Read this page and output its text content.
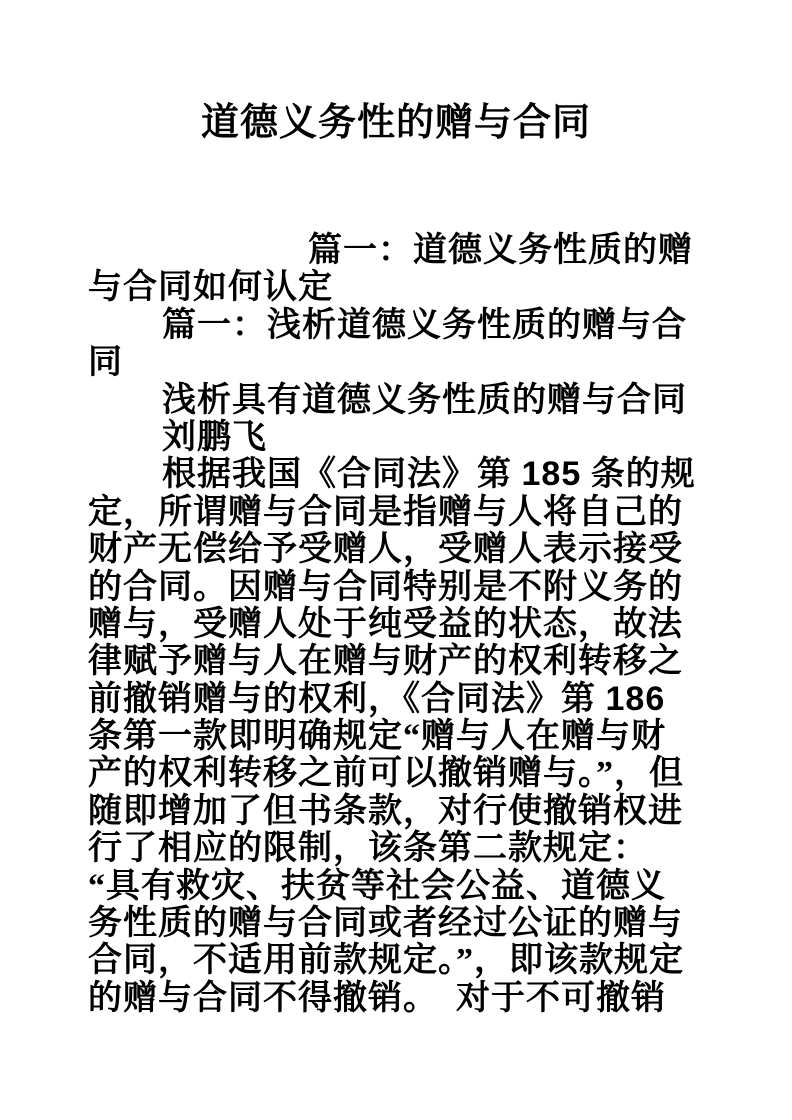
道德义务性的赠与合同
篇一：道德义务性质的赠
与合同如何认定
篇一：浅析道德义务性质的赠与合
同
浅析具有道德义务性质的赠与合同
刘鹏飞
根据我国《合同法》第 185 条的规
定，所谓赠与合同是指赠与人将自己的
财产无偿给予受赠人，受赠人表示接受
的合同。因赠与合同特别是不附义务的
赠与，受赠人处于纯受益的状态，故法
律赋予赠与人在赠与财产的权利转移之
前撤销赠与的权利，《合同法》第 186
条第一款即明确规定“赠与人在赠与财
产的权利转移之前可以撤销赠与。”，但
随即增加了但书条款，对行使撤销权进
行了相应的限制，该条第二款规定：
“具有救灾、扶贫等社会公益、道德义
务性质的赠与合同或者经过公证的赠与
合同，不适用前款规定。”，即该款规定
的赠与合同不得撤销。　对于不可撤销
